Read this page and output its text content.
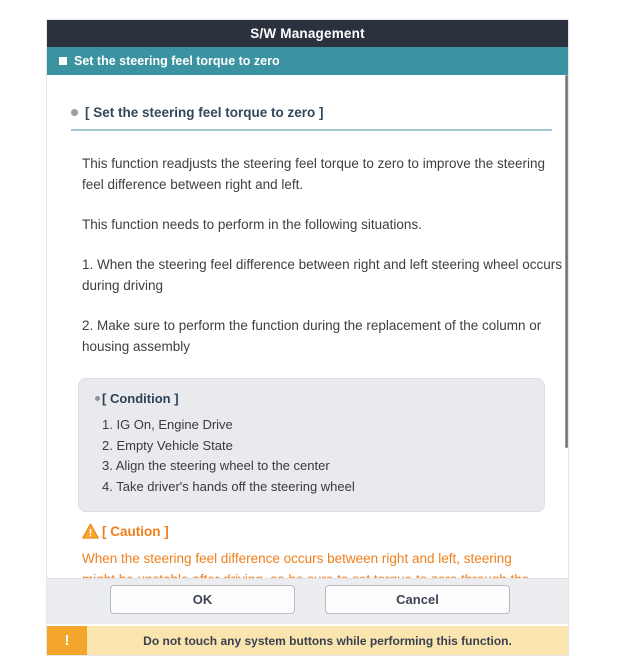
S/W Management
Set the steering feel torque to zero
[ Set the steering feel torque to zero ]
This function readjusts the steering feel torque to zero to improve the steering feel difference between right and left.
This function needs to perform in the following situations.
1. When the steering feel difference between right and left steering wheel occurs during driving
2. Make sure to perform the function during the replacement of the column or housing assembly
[ Condition ]
1. IG On, Engine Drive
2. Empty Vehicle State
3. Align the steering wheel to the center
4. Take driver's hands off the steering wheel
[ Caution ]
When the steering feel difference occurs between right and left, steering
OK	Cancel
!	Do not touch any system buttons while performing this function.
